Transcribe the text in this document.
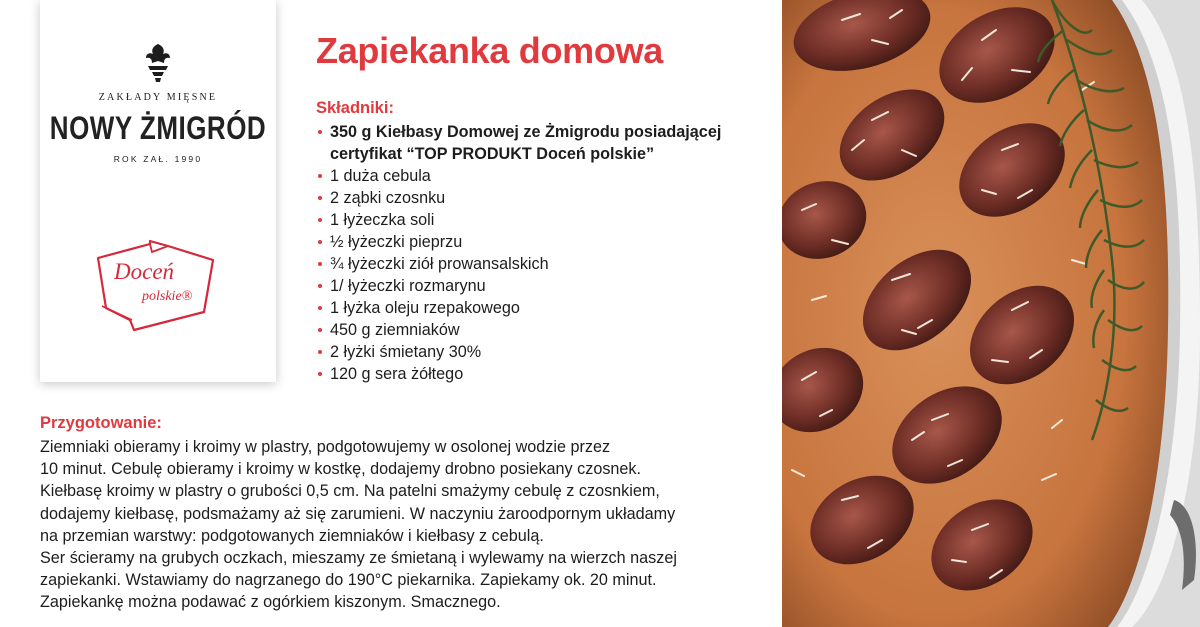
ZAKŁADY MIĘSNE
NOWY ŻMIGRÓD
ROK ZAŁ. 1990
Doceń
polskie®
Zapiekanka domowa
Składniki:
350 g Kiełbasy Domowej ze Żmigrodu posiadającej certyfikat “TOP PRODUKT Doceń polskie”
1 duża cebula
2 ząbki czosnku
1 łyżeczka soli
½ łyżeczki pieprzu
¾ łyżeczki ziół prowansalskich
1/ łyżeczki rozmarynu
1 łyżka oleju rzepakowego
450 g ziemniaków
2 łyżki śmietany 30%
120 g sera żółtego
Przygotowanie:
Ziemniaki obieramy i kroimy w plastry, podgotowujemy w osolonej wodzie przez
10 minut. Cebulę obieramy i kroimy w kostkę, dodajemy drobno posiekany czosnek.
Kiełbasę kroimy w plastry o grubości 0,5 cm. Na patelni smażymy cebulę z czosnkiem,
dodajemy kiełbasę, podsmażamy aż się zarumieni. W naczyniu żaroodpornym układamy
na przemian warstwy: podgotowanych ziemniaków i kiełbasy z cebulą.
Ser ścieramy na grubych oczkach, mieszamy ze śmietaną i wylewamy na wierzch naszej
zapiekanki. Wstawiamy do nagrzanego do 190°C piekarnika. Zapiekamy ok. 20 minut.
Zapiekankę można podawać z ogórkiem kiszonym. Smacznego.
